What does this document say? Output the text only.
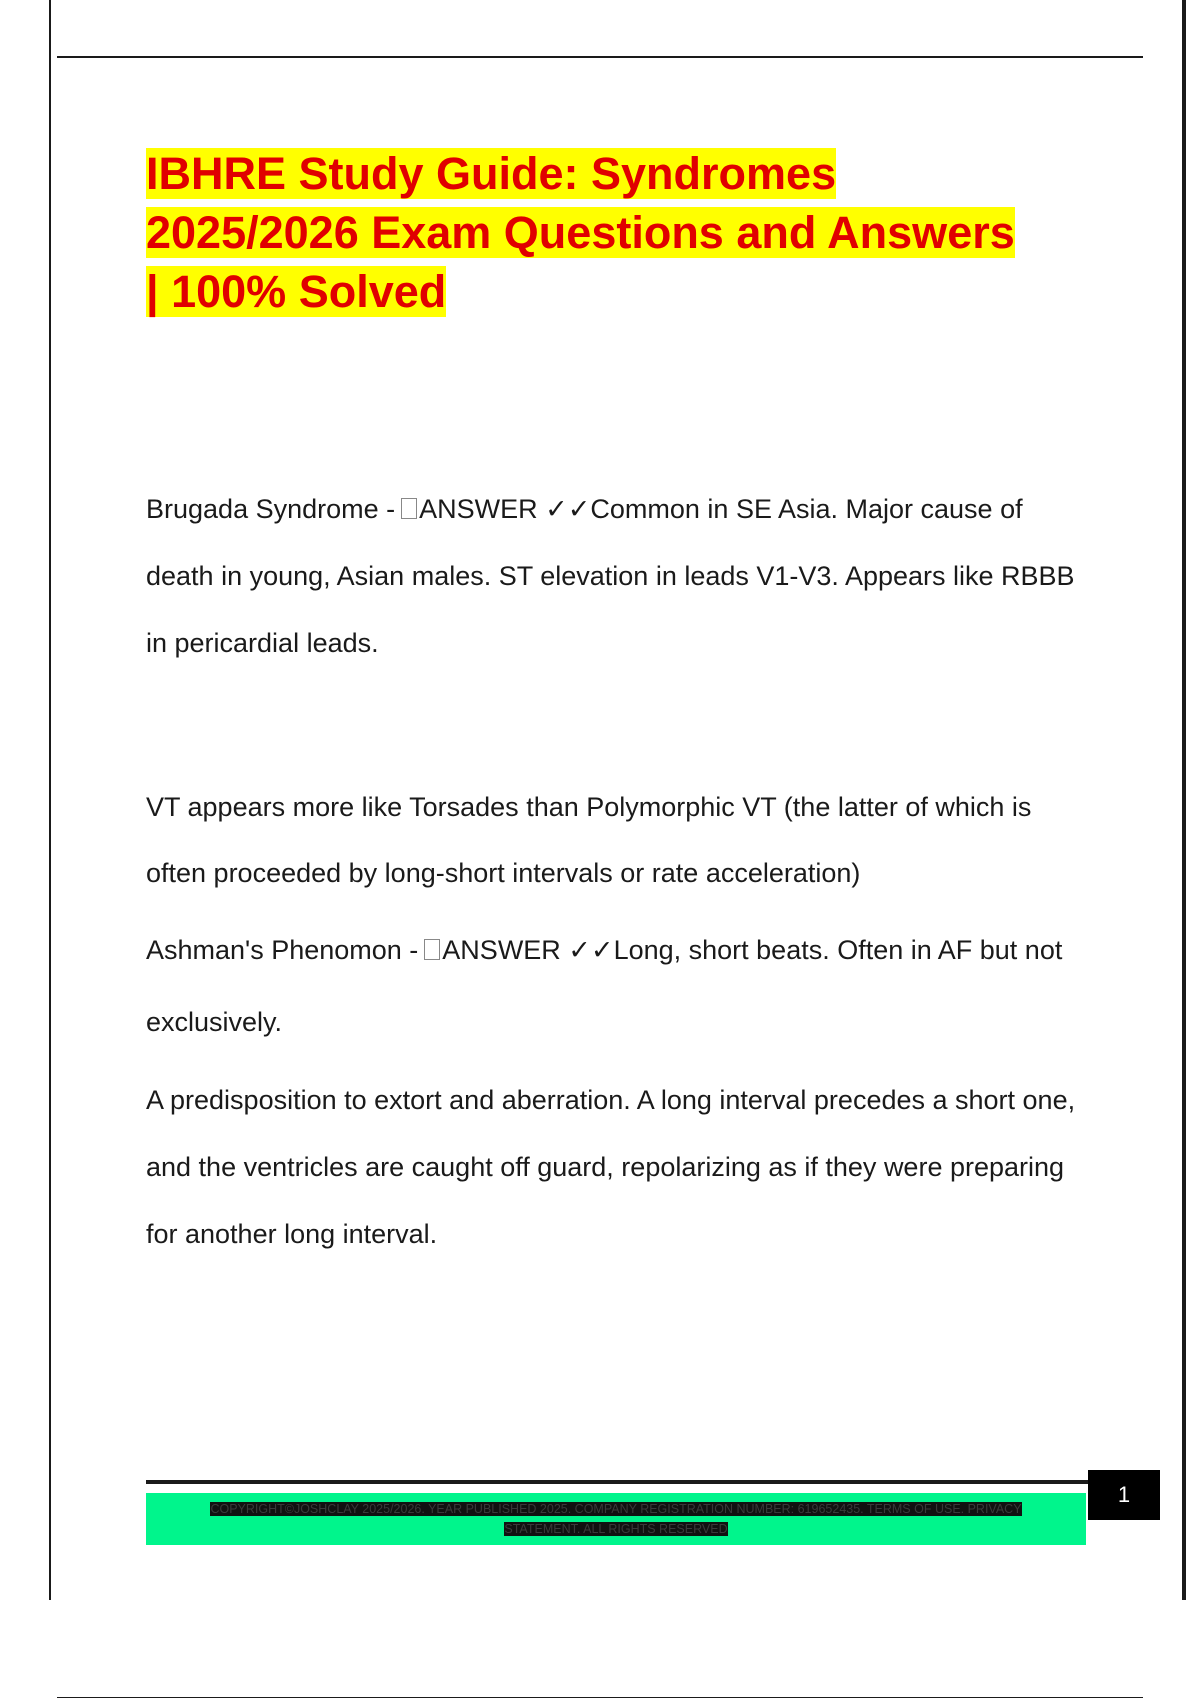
IBHRE Study Guide: Syndromes
2025/2026 Exam Questions and Answers
| 100% Solved

Brugada Syndrome - ANSWER ✓✓Common in SE Asia. Major cause of death in young, Asian males. ST elevation in leads V1-V3. Appears like RBBB in pericardial leads.

VT appears more like Torsades than Polymorphic VT (the latter of which is often proceeded by long-short intervals or rate acceleration)

Ashman's Phenomon - ANSWER ✓✓Long, short beats. Often in AF but not exclusively.

A predisposition to extort and aberration. A long interval precedes a short one, and the ventricles are caught off guard, repolarizing as if they were preparing for another long interval.

COPYRIGHT©JOSHCLAY 2025/2026. YEAR PUBLISHED 2025. COMPANY REGISTRATION NUMBER: 619652435. TERMS OF USE. PRIVACY
STATEMENT. ALL RIGHTS RESERVED
1
